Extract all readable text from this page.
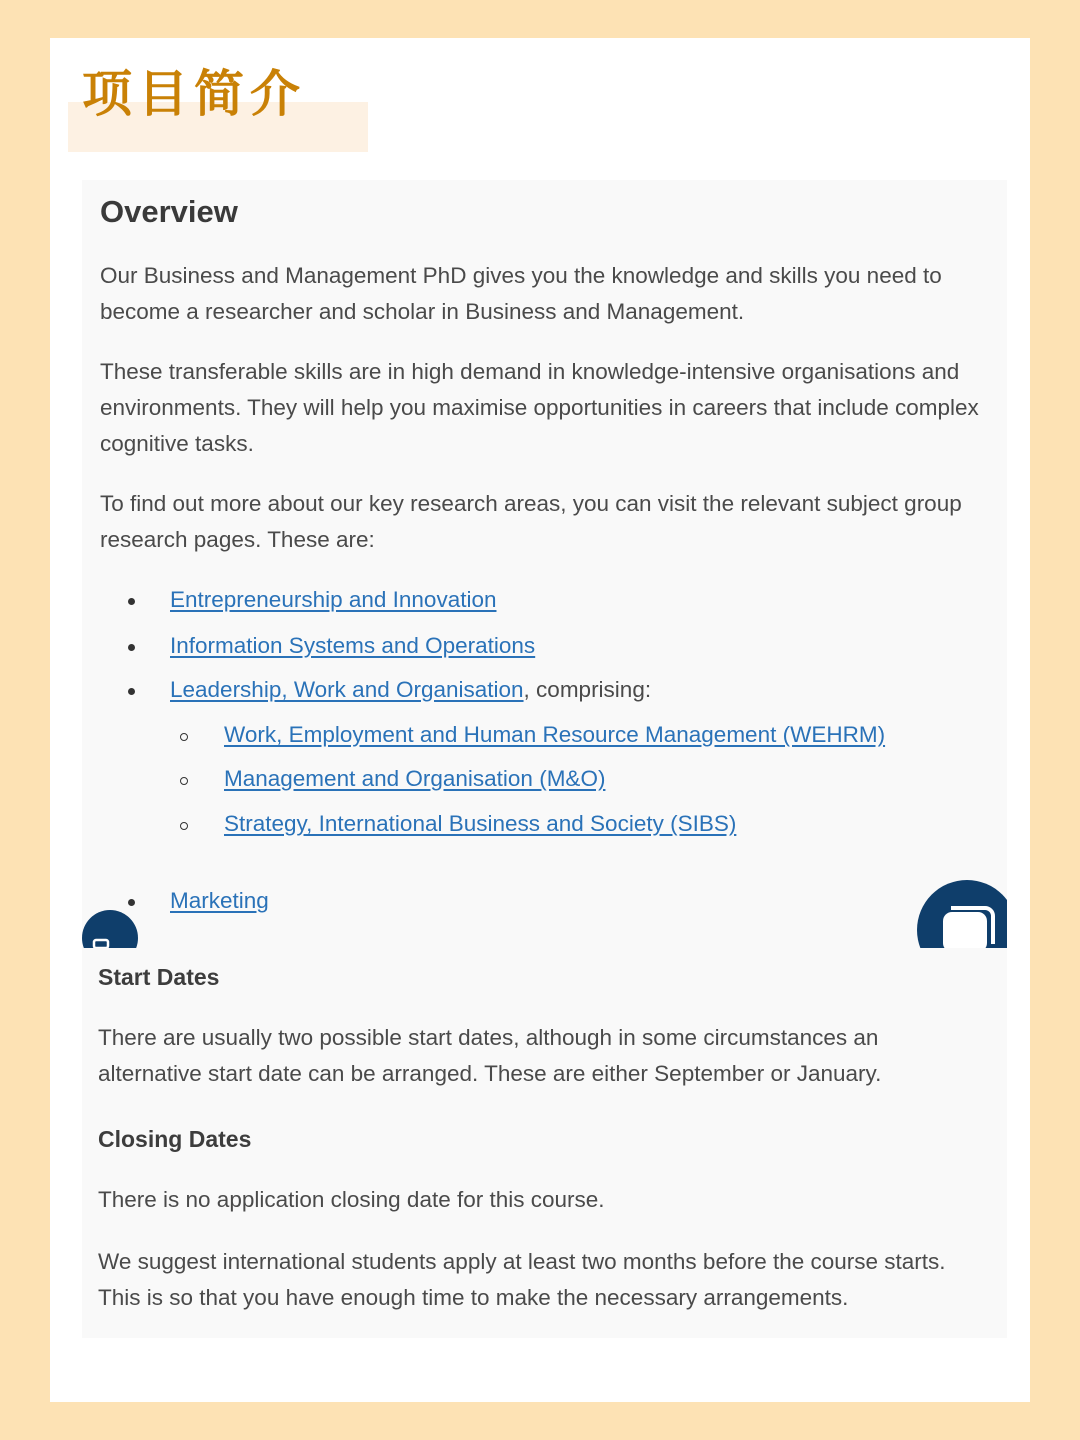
项目简介
Overview

Our Business and Management PhD gives you the knowledge and skills you need to become a researcher and scholar in Business and Management.

These transferable skills are in high demand in knowledge-intensive organisations and environments. They will help you maximise opportunities in careers that include complex cognitive tasks.

To find out more about our key research areas, you can visit the relevant subject group research pages. These are:

Entrepreneurship and Innovation
Information Systems and Operations
Leadership, Work and Organisation, comprising:
Work, Employment and Human Resource Management (WEHRM)
Management and Organisation (M&O)
Strategy, International Business and Society (SIBS)
Marketing
Start Dates

There are usually two possible start dates, although in some circumstances an alternative start date can be arranged. These are either September or January.

Closing Dates

There is no application closing date for this course.

We suggest international students apply at least two months before the course starts. This is so that you have enough time to make the necessary arrangements.
